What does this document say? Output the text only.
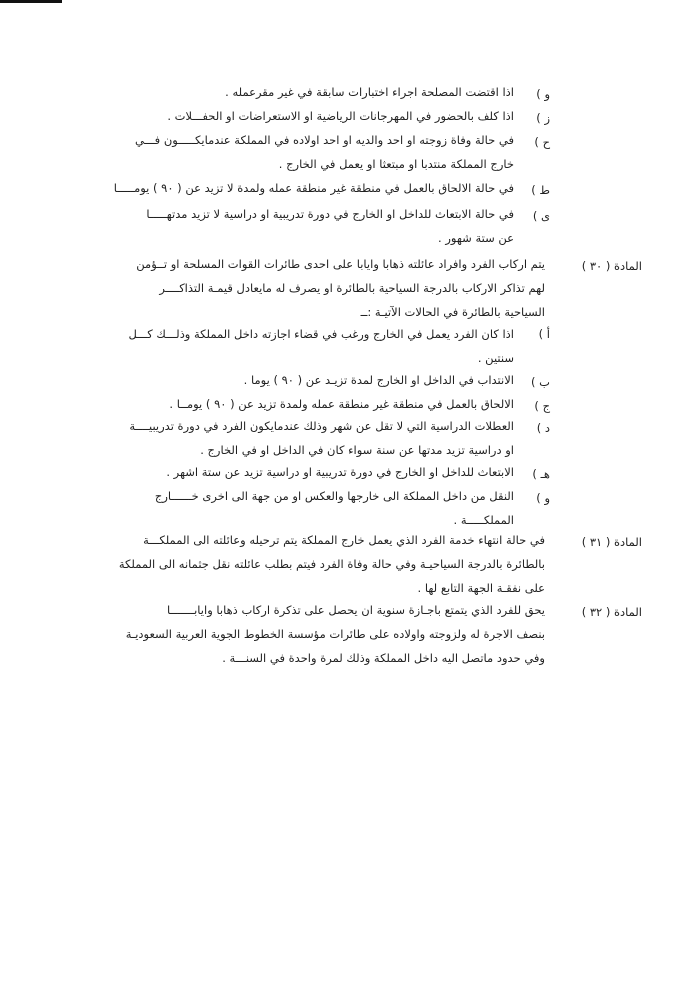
و )
اذا اقتضت المصلحة اجراء اختبارات سابقة في غير مقرعمله .
ز )
اذا كلف بالحضور في المهرجانات الرياضية او الاستعراضات او الحفـــلات .
ح )
في حالة وفاة زوجته او احد والديه او احد اولاده في المملكة عندمايكـــــون فـــي
خارج المملكة منتدبا او مبتعثا او يعمل في الخارج .
ط )
في حالة الالحاق بالعمل في منطقة غير منطقة عمله ولمدة لا تزيد عن ( ٩٠ ) يومـــــا
ى )
في حالة الابتعاث للداخل او الخارج في دورة تدريبية او دراسية لا تزيد مدتهـــــا
عن ستة شهور .
المادة ( ٣٠ )
يتم اركاب الفرد وافراد عائلته ذهابا وايابا على احدى طائرات القوات المسلحة او تــؤمن
لهم تذاكر الاركاب بالدرجة السياحية بالطائرة او يصرف له مايعادل قيمـة التذاكــــر
السياحية بالطائرة في الحالات الآتيـة :ــ
أ )
اذا كان الفرد يعمل في الخارج ورغب في قضاء اجازته داخل المملكة وذلـــك كـــل
سنتين .
ب )
الانتداب في الداخل او الخارج لمدة تزيـد عن ( ٩٠ ) يوما .
ج )
الالحاق بالعمل في منطقة غير منطقة عمله ولمدة تزيد عن ( ٩٠ ) يومــا .
د )
العطلات الدراسية التي لا تقل عن شهر وذلك عندمايكون الفرد في دورة تدريبيــــة
او دراسية تزيد مدتها عن سنة سواء كان في الداخل او في الخارج .
هـ )
الابتعاث للداخل او الخارج في دورة تدريبية او دراسية تزيد عن ستة اشهر .
و )
النقل من داخل المملكة الى خارجها والعكس او من جهة الى اخرى خــــــارج
المملكـــــة .
المادة ( ٣١ )
في حالة انتهاء خدمة الفرد الذي يعمل خارج المملكة يتم ترحيله وعائلته الى المملكـــة
بالطائرة بالدرجة السياحيـة وفي حالة وفاة الفرد فيتم بطلب عائلته نقل جثمانه الى المملكة
على نفقـة الجهة التابع لها .
المادة ( ٣٢ )
يحق للفرد الذي يتمتع باجـازة سنوية ان يحصل على تذكرة اركاب ذهابا وايابـــــــا
بنصف الاجرة له ولزوجته واولاده على طائرات مؤسسة الخطوط الجوية العربية السعوديـة
وفي حدود ماتصل اليه داخل المملكة وذلك لمرة واحدة في السنـــة .
